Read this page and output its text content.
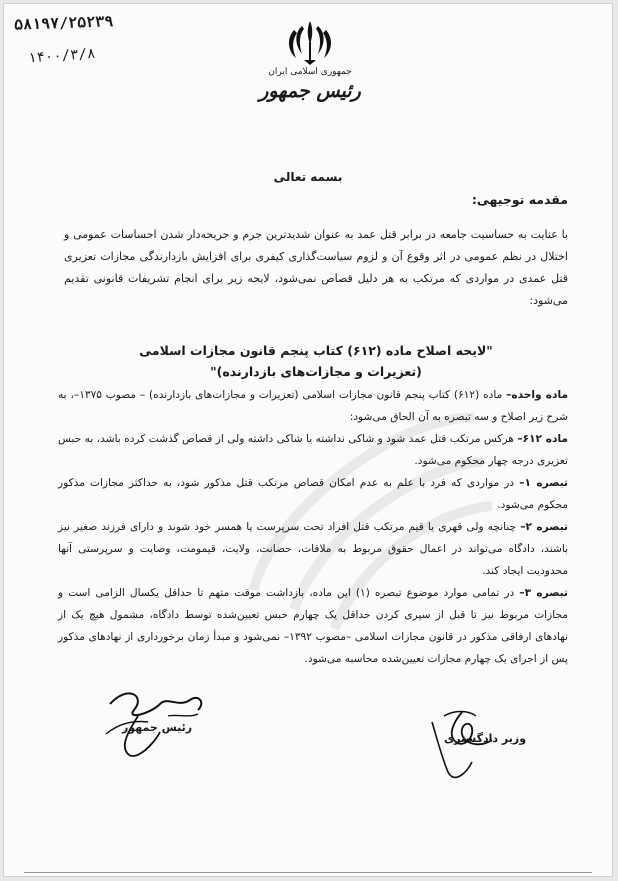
۵۸۱۹۷/۲۵۲۳۹
۱۴۰۰/۳/۸
جمهوری اسلامی ایران
رئیس جمهور
بسمه تعالی
مقدمه توجیهی:

با عنایت به حساسیت جامعه در برابر قتل عمد به عنوان شدیدترین جرم و جریحه‌دار شدن احساسات عمومی و اختلال در نظم عمومی در اثر وقوع آن و لزوم سیاست‌گذاری کیفری برای افزایش بازدارندگی مجازات تعزیری قتل عمدی در مواردی که مرتکب به هر دلیل قصاص نمی‌شود، لایحه زیر برای انجام تشریفات قانونی تقدیم می‌شود:

"لایحه اصلاح ماده (۶۱۲) کتاب پنجم قانون مجازات اسلامی
(تعزیرات و مجازات‌های بازدارنده)"

ماده واحده– ماده (۶۱۲) کتاب پنجم قانون مجازات اسلامی (تعزیرات و مجازات‌های بازدارنده) – مصوب ۱۳۷۵–، به شرح زیر اصلاح و سه تبصره به آن الحاق می‌شود:

ماده ۶۱۲– هرکس مرتکب قتل عمد شود و شاکی نداشته یا شاکی داشته ولی از قصاص گذشت کرده باشد، به حبس تعزیری درجه چهار محکوم می‌شود.

تبصره ۱– در مواردی که فرد با علم به عدم امکان قصاص مرتکب قتل مذکور شود، به حداکثر مجازات مذکور محکوم می‌شود.

تبصره ۲– چنانچه ولی قهری یا قیم مرتکب قتل افراد تحت سرپرست یا همسر خود شوند و دارای فرزند صغیر نیز باشند، دادگاه می‌تواند در اعمال حقوق مربوط به ملاقات، حضانت، ولایت، قیمومت، وصایت و سرپرستی آنها محدودیت ایجاد کند.

تبصره ۳– در تمامی موارد موضوع تبصره (۱) این ماده، بازداشت موقت متهم تا حداقل یکسال الزامی است و مجازات مربوط نیز تا قبل از سپری کردن حداقل یک چهارم حبس تعیین‌شده توسط دادگاه، مشمول هیچ یک از نهادهای ارفاقی مذکور در قانون مجازات اسلامی –مصوب ۱۳۹۲– نمی‌شود و مبدأ زمان برخورداری از نهادهای مذکور پس از اجرای یک چهارم مجازات تعیین‌شده محاسبه می‌شود.

رئیس جمهور
وزیر دادگستری
